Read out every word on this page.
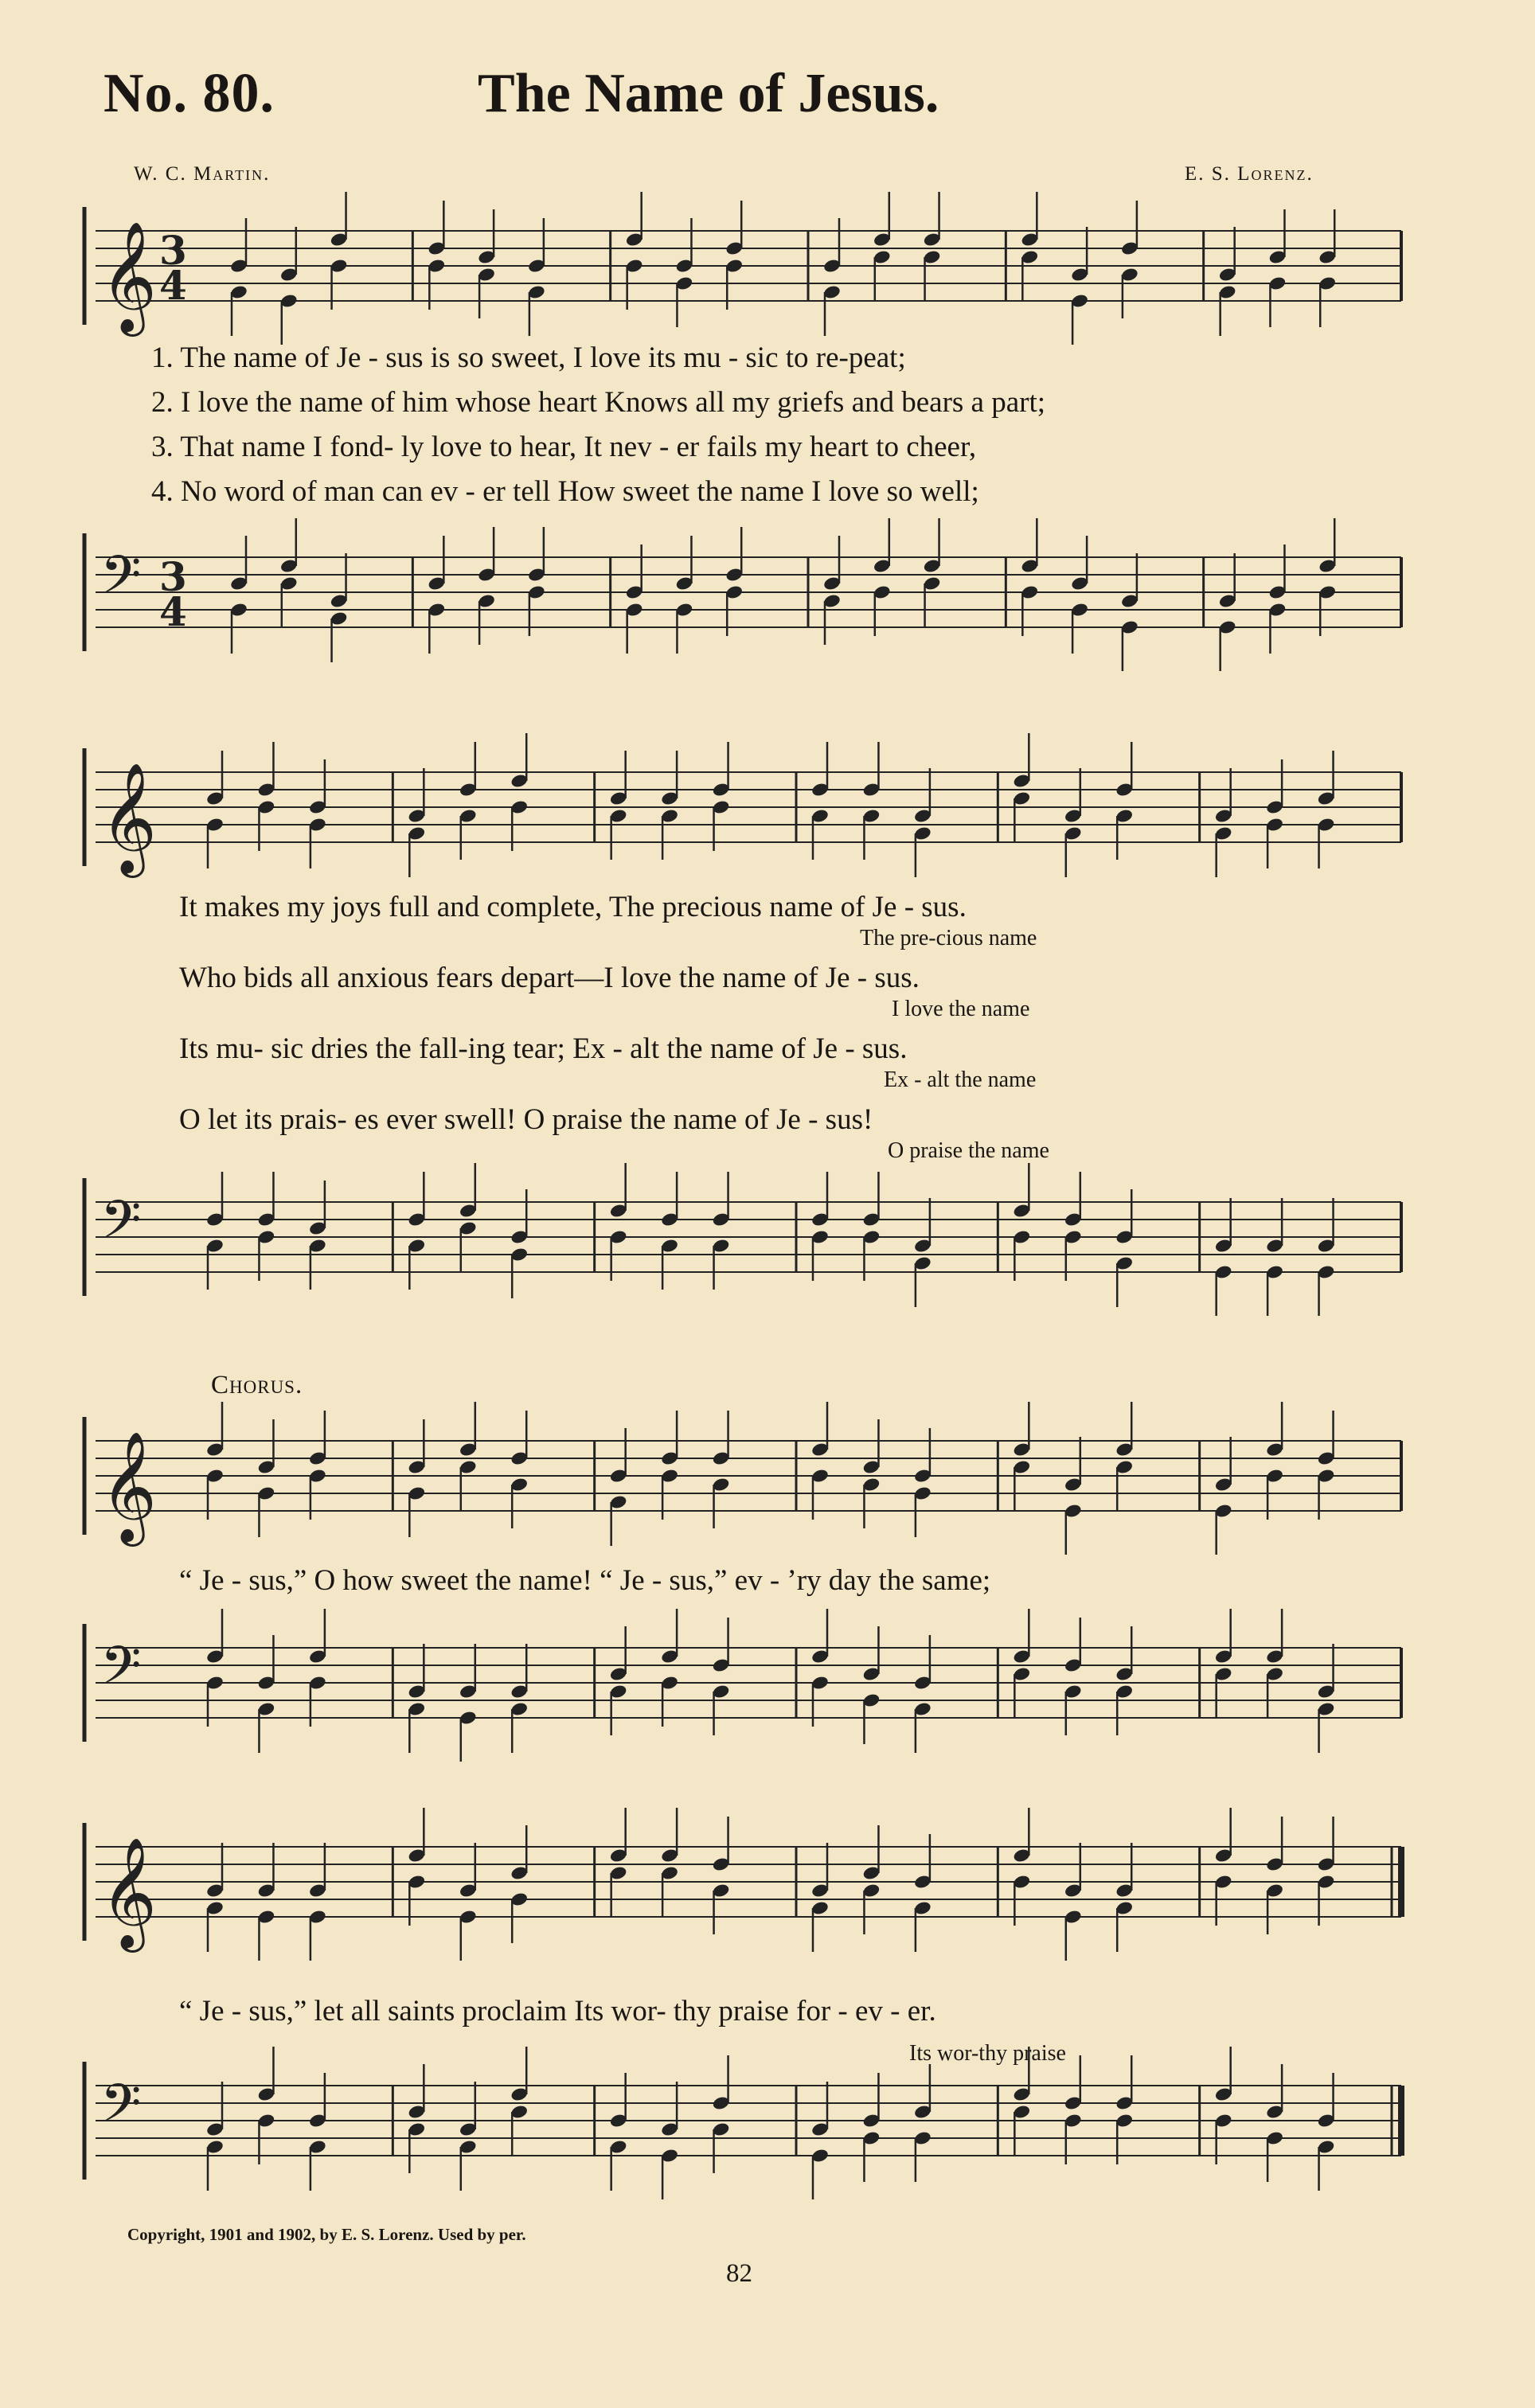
No. 80.	The Name of Jesus.
W. C. Martin.	E. S. Lorenz.
𝄞 3
4
1. The name of Je - sus is so sweet, I love its mu - sic to re-peat;
2. I love the name of him whose heart Knows all my griefs and bears a part;
3. That name I fond- ly love to hear, It nev - er fails my heart to cheer,
4. No word of man can ev - er tell How sweet the name I love so well;
𝄢 3
4
𝄞
It makes my joys full and complete, The precious name of Je - sus.
The pre-cious name
Who bids all anxious fears depart—I love the name of Je - sus.
I love the name
Its mu- sic dries the fall-ing tear; Ex - alt the name of Je - sus.
Ex - alt the name
O let its prais- es ever swell! O praise the name of Je - sus!
O praise the name
𝄢
Chorus.
𝄞
“ Je - sus,” O how sweet the name! “ Je - sus,” ev - ’ry day the same;
𝄢
𝄞
“ Je - sus,” let all saints proclaim Its wor- thy praise for - ev - er.
Its wor-thy praise
𝄢
Copyright, 1901 and 1902, by E. S. Lorenz. Used by per.
82
